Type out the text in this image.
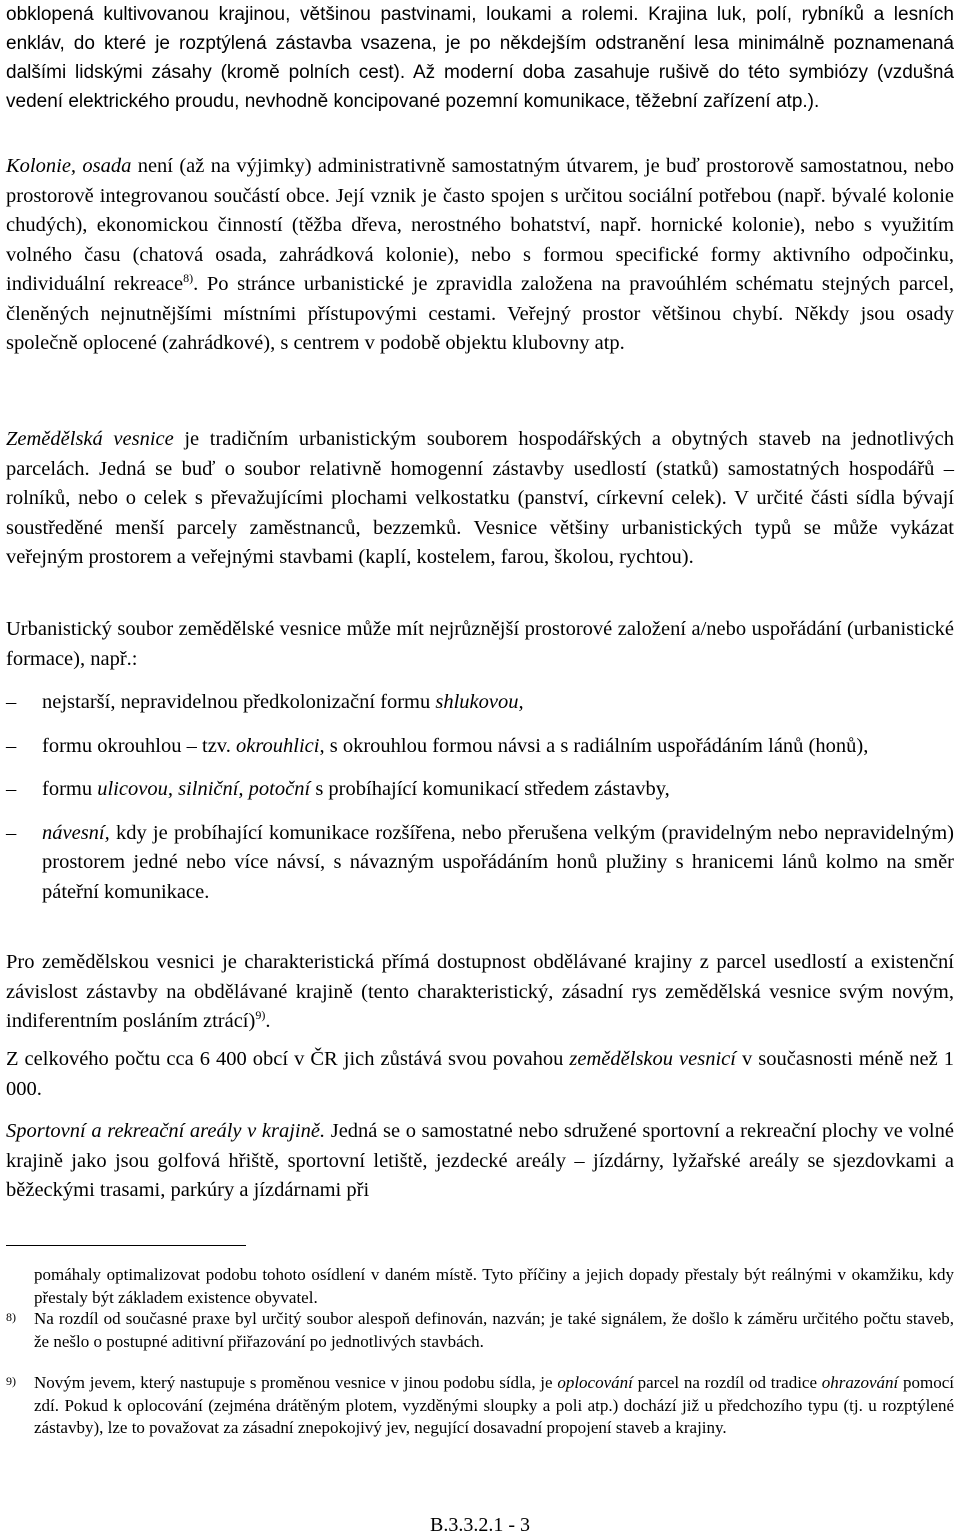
obklopená kultivovanou krajinou, většinou pastvinami, loukami a rolemi. Krajina luk, polí, rybníků a lesních enkláv, do které je rozptýlená zástavba vsazena, je po někdejším odstranění lesa minimálně poznamenaná dalšími lidskými zásahy (kromě polních cest). Až moderní doba zasahuje rušivě do této symbiózy (vzdušná vedení elektrického proudu, nevhodně koncipované pozemní komunikace, těžební zařízení atp.).

Kolonie, osada není (až na výjimky) administrativně samostatným útvarem, je buď prostorově samostatnou, nebo prostorově integrovanou součástí obce. Její vznik je často spojen s určitou sociální potřebou (např. bývalé kolonie chudých), ekonomickou činností (těžba dřeva, nerostného bohatství, např. hornické kolonie), nebo s využitím volného času (chatová osada, zahrádková kolonie), nebo s formou specifické formy aktivního odpočinku, individuální rekreace$^{8)}$. Po stránce urbanistické je zpravidla založena na pravoúhlém schématu stejných parcel, členěných nejnutnějšími místními přístupovými cestami. Veřejný prostor většinou chybí. Někdy jsou osady společně oplocené (zahrádkové), s centrem v podobě objektu klubovny atp.

Zemědělská vesnice je tradičním urbanistickým souborem hospodářských a obytných staveb na jednotlivých parcelách. Jedná se buď o soubor relativně homogenní zástavby usedlostí (statků) samostatných hospodářů – rolníků, nebo o celek s převažujícími plochami velkostatku (panství, církevní celek). V určité části sídla bývají soustředěné menší parcely zaměstnanců, bezzemků. Vesnice většiny urbanistických typů se může vykázat veřejným prostorem a veřejnými stavbami (kaplí, kostelem, farou, školou, rychtou).

Urbanistický soubor zemědělské vesnice může mít nejrůznější prostorové založení a/nebo uspořádání (urbanistické formace), např.:

–	nejstarší, nepravidelnou předkolonizační formu shlukovou,

–	formu okrouhlou – tzv. okrouhlici, s okrouhlou formou návsi a s radiálním uspořádáním lánů (honů),

–	formu ulicovou, silniční, potoční s probíhající komunikací středem zástavby,

–	návesní, kdy je probíhající komunikace rozšířena, nebo přerušena velkým (pravidelným nebo nepravidelným) prostorem jedné nebo více návsí, s návazným uspořádáním honů plužiny s hranicemi lánů kolmo na směr páteřní komunikace.

Pro zemědělskou vesnici je charakteristická přímá dostupnost obdělávané krajiny z parcel usedlostí a existenční závislost zástavby na obdělávané krajině (tento charakteristický, zásadní rys zemědělská vesnice svým novým, indiferentním posláním ztrácí)$^{9)}$.

Z celkového počtu cca 6 400 obcí v ČR jich zůstává svou povahou zemědělskou vesnicí v současnosti méně než 1 000.

Sportovní a rekreační areály v krajině. Jedná se o samostatné nebo sdružené sportovní a rekreační plochy ve volné krajině jako jsou golfová hřiště, sportovní letiště, jezdecké areály – jízdárny, lyžařské areály se sjezdovkami a běžeckými trasami, parkúry a jízdárnami při

pomáhaly optimalizovat podobu tohoto osídlení v daném místě. Tyto příčiny a jejich dopady přestaly být reálnými v okamžiku, kdy přestaly být základem existence obyvatel.

8) Na rozdíl od současné praxe byl určitý soubor alespoň definován, nazván; je také signálem, že došlo k záměru určitého počtu staveb, že nešlo o postupné aditivní přiřazování po jednotlivých stavbách.

9) Novým jevem, který nastupuje s proměnou vesnice v jinou podobu sídla, je oplocování parcel na rozdíl od tradice ohrazování pomocí zdí. Pokud k oplocování (zejména drátěným plotem, vyzděnými sloupky a poli atp.) dochází již u předchozího typu (tj. u rozptýlené zástavby), lze to považovat za zásadní znepokojivý jev, negující dosavadní propojení staveb a krajiny.

B.3.3.2.1 - 3
